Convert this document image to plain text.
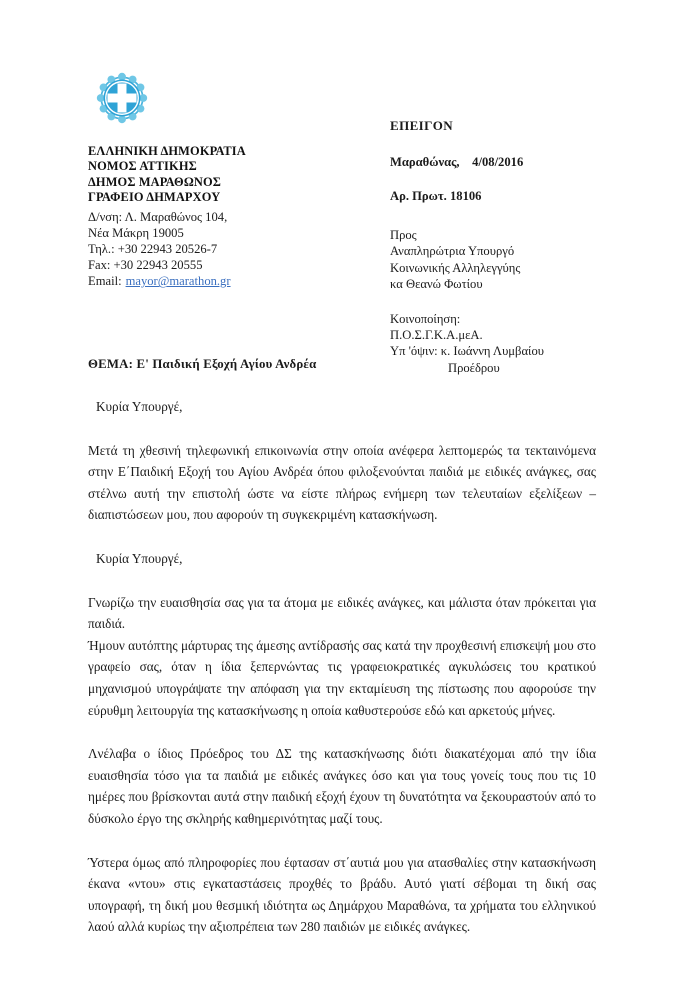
ΕΛΛΗΝΙΚΗ ΔΗΜΟΚΡΑΤΙΑ
ΝΟΜΟΣ ΑΤΤΙΚΗΣ
ΔΗΜΟΣ ΜΑΡΑΘΩΝΟΣ
ΓΡΑΦΕΙΟ ΔΗΜΑΡΧΟΥ
Δ/νση: Λ. Μαραθώνος 104,
Νέα Μάκρη 19005
Τηλ.: +30 22943 20526-7
Fax: +30 22943 20555
Email: mayor@marathon.gr
ΕΠΕΙΓΟΝ
Μαραθώνας,    4/08/2016
Αρ. Πρωτ. 18106
Προς
Αναπληρώτρια Υπουργό
Κοινωνικής Αλληλεγγύης
κα Θεανώ Φωτίου
Κοινοποίηση:
Π.Ο.Σ.Γ.Κ.Α.μεΑ.
Υπ 'όψιν: κ. Ιωάννη Λυμβαίου
Προέδρου
ΘΕΜΑ: Ε' Παιδική Εξοχή Αγίου Ανδρέα

Κυρία Υπουργέ,

Μετά τη χθεσινή τηλεφωνική επικοινωνία στην οποία ανέφερα λεπτομερώς τα τεκταινόμενα στην Ε΄Παιδική Εξοχή του Αγίου Ανδρέα όπου φιλοξενούνται παιδιά με ειδικές ανάγκες, σας στέλνω αυτή την επιστολή ώστε να είστε πλήρως ενήμερη των τελευταίων εξελίξεων – διαπιστώσεων μου, που αφορούν τη συγκεκριμένη κατασκήνωση.

Κυρία Υπουργέ,

Γνωρίζω την ευαισθησία σας για τα άτομα με ειδικές ανάγκες, και μάλιστα όταν πρόκειται για παιδιά.

Ήμουν αυτόπτης μάρτυρας της άμεσης αντίδρασής σας κατά την προχθεσινή επισκεψή μου στο γραφείο σας, όταν η ίδια ξεπερνώντας τις γραφειοκρατικές αγκυλώσεις του κρατικού μηχανισμού υπογράψατε την απόφαση για την εκταμίευση της πίστωσης που αφορούσε την εύρυθμη λειτουργία της κατασκήνωσης η οποία καθυστερούσε εδώ και αρκετούς μήνες.

Λνέλαβα ο ίδιος Πρόεδρος του ΔΣ της κατασκήνωσης διότι διακατέχομαι από την ίδια ευαισθησία τόσο για τα παιδιά με ειδικές ανάγκες όσο και για τους γονείς τους που τις 10 ημέρες που βρίσκονται αυτά στην παιδική εξοχή έχουν τη δυνατότητα να ξεκουραστούν από το δύσκολο έργο της σκληρής καθημερινότητας μαζί τους.

Ύστερα όμως από πληροφορίες που έφτασαν στ΄αυτιά μου για ατασθαλίες στην κατασκήνωση έκανα «ντου» στις εγκαταστάσεις προχθές το βράδυ. Αυτό γιατί σέβομαι τη δική σας υπογραφή, τη δική μου θεσμική ιδιότητα ως Δημάρχου Μαραθώνα, τα χρήματα του ελληνικού λαού αλλά κυρίως την αξιοπρέπεια των 280 παιδιών με ειδικές ανάγκες.
